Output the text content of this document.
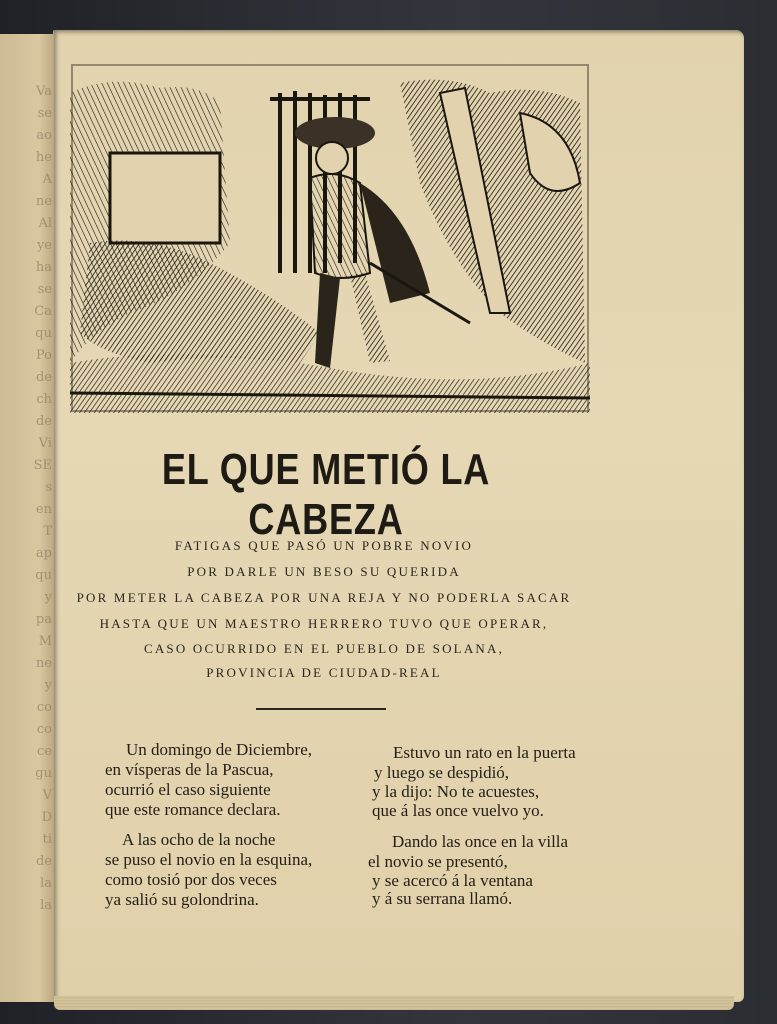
Va
se
ao
he
A
ne
Al
ye
ha
se
Ca
qu
Po
de
ch
de
Vi
SE
s
en
T
ap
qu
y
pa
M
ne
y
co
co
ce
gu
V
D
ti
de
la
la
EL QUE METIÓ LA CABEZA
FATIGAS QUE PASÓ UN POBRE NOVIO
POR DARLE UN BESO SU QUERIDA
POR METER LA CABEZA POR UNA REJA Y NO PODERLA SACAR
HASTA QUE UN MAESTRO HERRERO TUVO QUE OPERAR,
CASO OCURRIDO EN EL PUEBLO DE SOLANA,
PROVINCIA DE CIUDAD-REAL
Un domingo de Diciembre,
en vísperas de la Pascua,
ocurrió el caso siguiente
que este romance declara.
A las ocho de la noche
se puso el novio en la esquina,
como tosió por dos veces
ya salió su golondrina.
Estuvo un rato en la puerta
y luego se despidió,
y la dijo: No te acuestes,
que á las once vuelvo yo.
Dando las once en la villa
el novio se presentó,
y se acercó á la ventana
y á su serrana llamó.
